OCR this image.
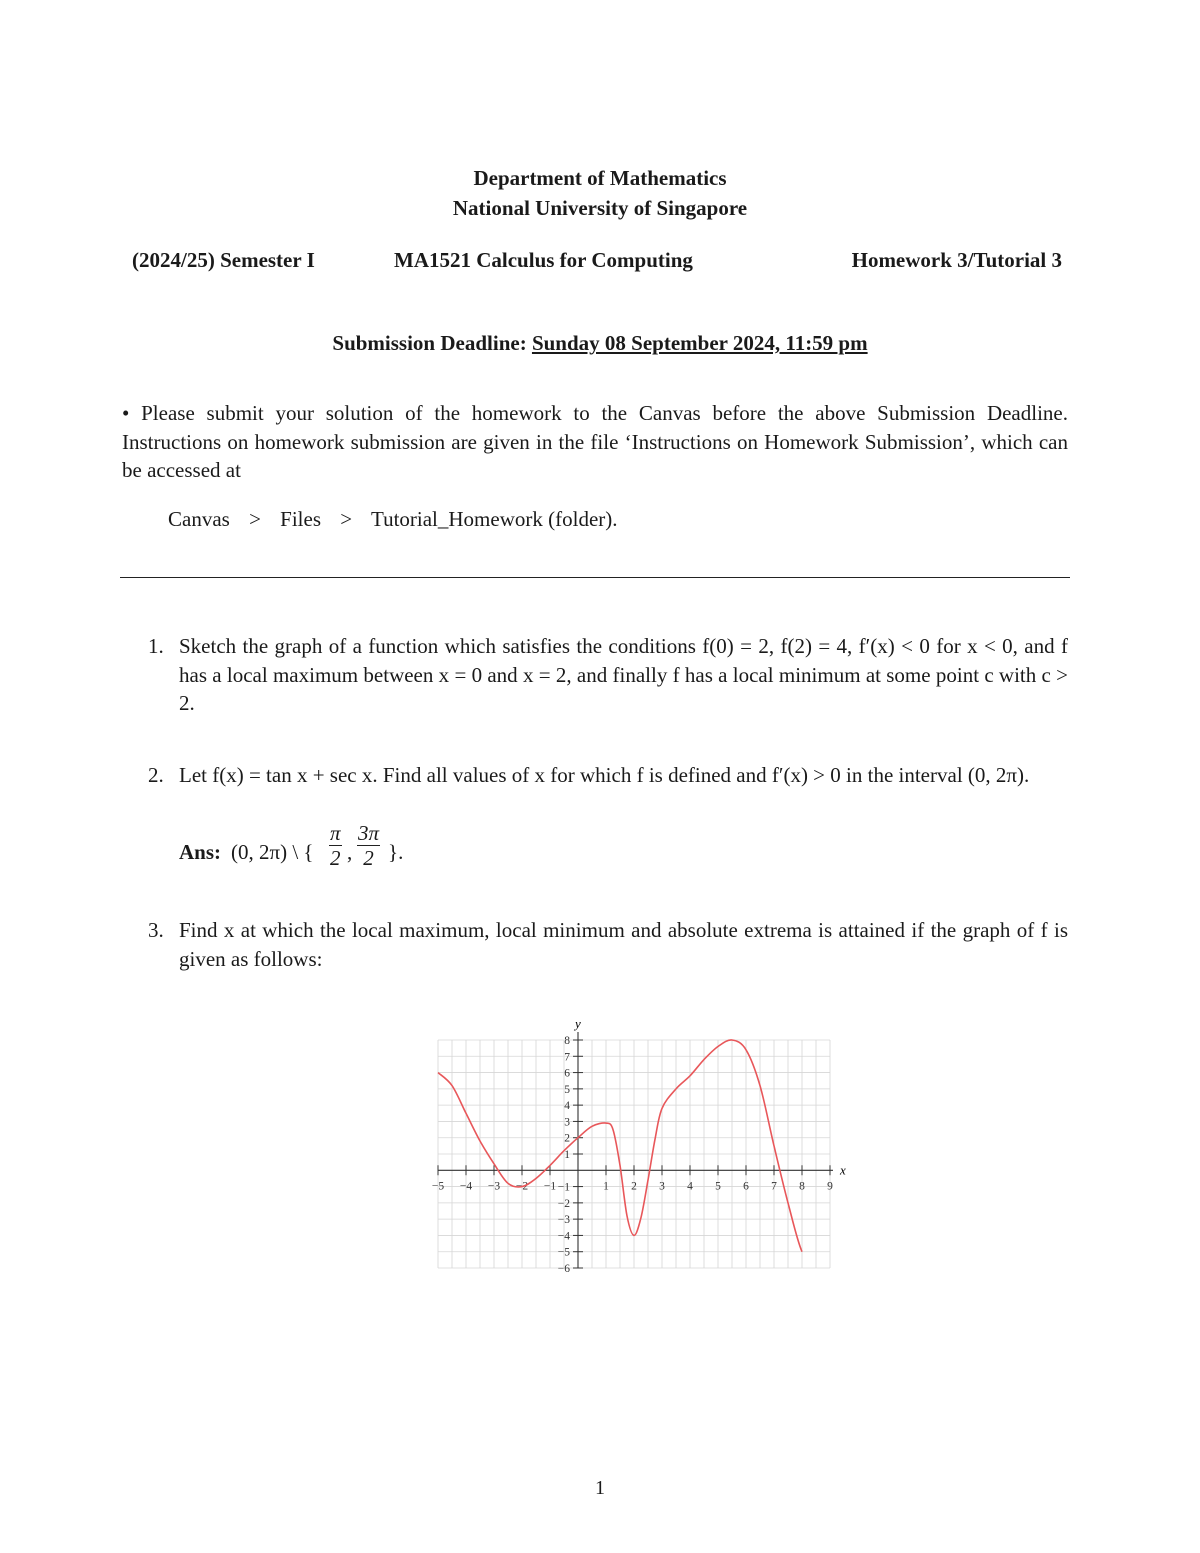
Department of Mathematics
National University of Singapore
(2024/25) Semester I	MA1521 Calculus for Computing	Homework 3/Tutorial 3
Submission Deadline: Sunday 08 September 2024, 11:59 pm
• Please submit your solution of the homework to the Canvas before the above Submission Deadline. Instructions on homework submission are given in the file ‘Instructions on Homework Submission’, which can be accessed at
Canvas > Files > Tutorial_Homework (folder).
1. Sketch the graph of a function which satisfies the conditions f(0) = 2, f(2) = 4, f′(x) < 0 for x < 0, and f has a local maximum between x = 0 and x = 2, and finally f has a local minimum at some point c with c > 2.
2. Let f(x) = tan x + sec x. Find all values of x for which f is defined and f′(x) > 0 in the interval (0, 2π).
Ans: (0, 2π) \ { $\frac{\pi}{2}$ , $\frac{3\pi}{2}$ }.
3. Find x at which the local maximum, local minimum and absolute extrema is attained if the graph of f is given as follows:
−5 −4 −3 −2 −1	1 2 3 4 5 6 7 8 9
8
7
6
5
4
3
2
1
−1
−2
−3
−4
−5
−6
x
y
1
